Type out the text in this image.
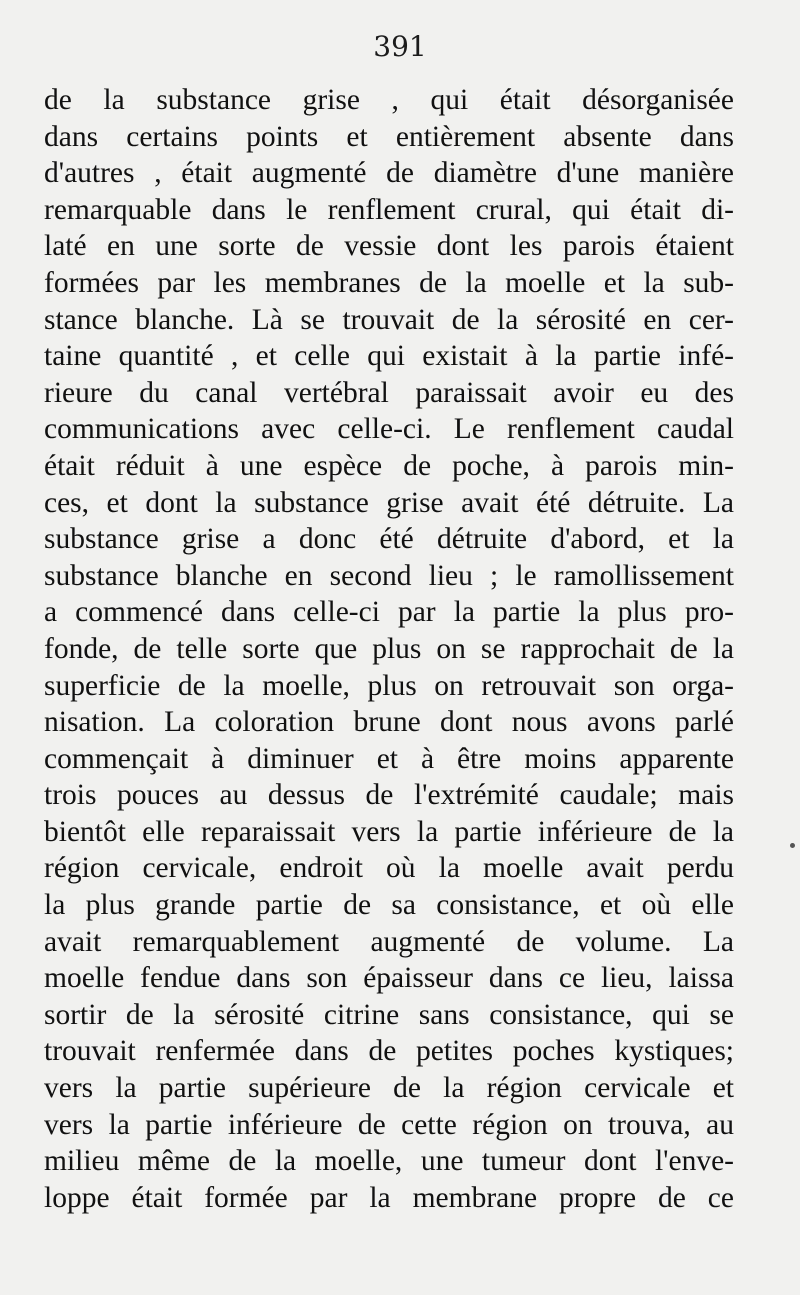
391
de la substance grise , qui était désorganisée
dans certains points et entièrement absente dans
d'autres , était augmenté de diamètre d'une manière
remarquable dans le renflement crural, qui était di-
laté en une sorte de vessie dont les parois étaient
formées par les membranes de la moelle et la sub-
stance blanche. Là se trouvait de la sérosité en cer-
taine quantité , et celle qui existait à la partie infé-
rieure du canal vertébral paraissait avoir eu des
communications avec celle-ci. Le renflement caudal
était réduit à une espèce de poche, à parois min-
ces, et dont la substance grise avait été détruite. La
substance grise a donc été détruite d'abord, et la
substance blanche en second lieu ; le ramollissement
a commencé dans celle-ci par la partie la plus pro-
fonde, de telle sorte que plus on se rapprochait de la
superficie de la moelle, plus on retrouvait son orga-
nisation. La coloration brune dont nous avons parlé
commençait à diminuer et à être moins apparente
trois pouces au dessus de l'extrémité caudale; mais
bientôt elle reparaissait vers la partie inférieure de la
région cervicale, endroit où la moelle avait perdu
la plus grande partie de sa consistance, et où elle
avait remarquablement augmenté de volume. La
moelle fendue dans son épaisseur dans ce lieu, laissa
sortir de la sérosité citrine sans consistance, qui se
trouvait renfermée dans de petites poches kystiques;
vers la partie supérieure de la région cervicale et
vers la partie inférieure de cette région on trouva, au
milieu même de la moelle, une tumeur dont l'enve-
loppe était formée par la membrane propre de ce
